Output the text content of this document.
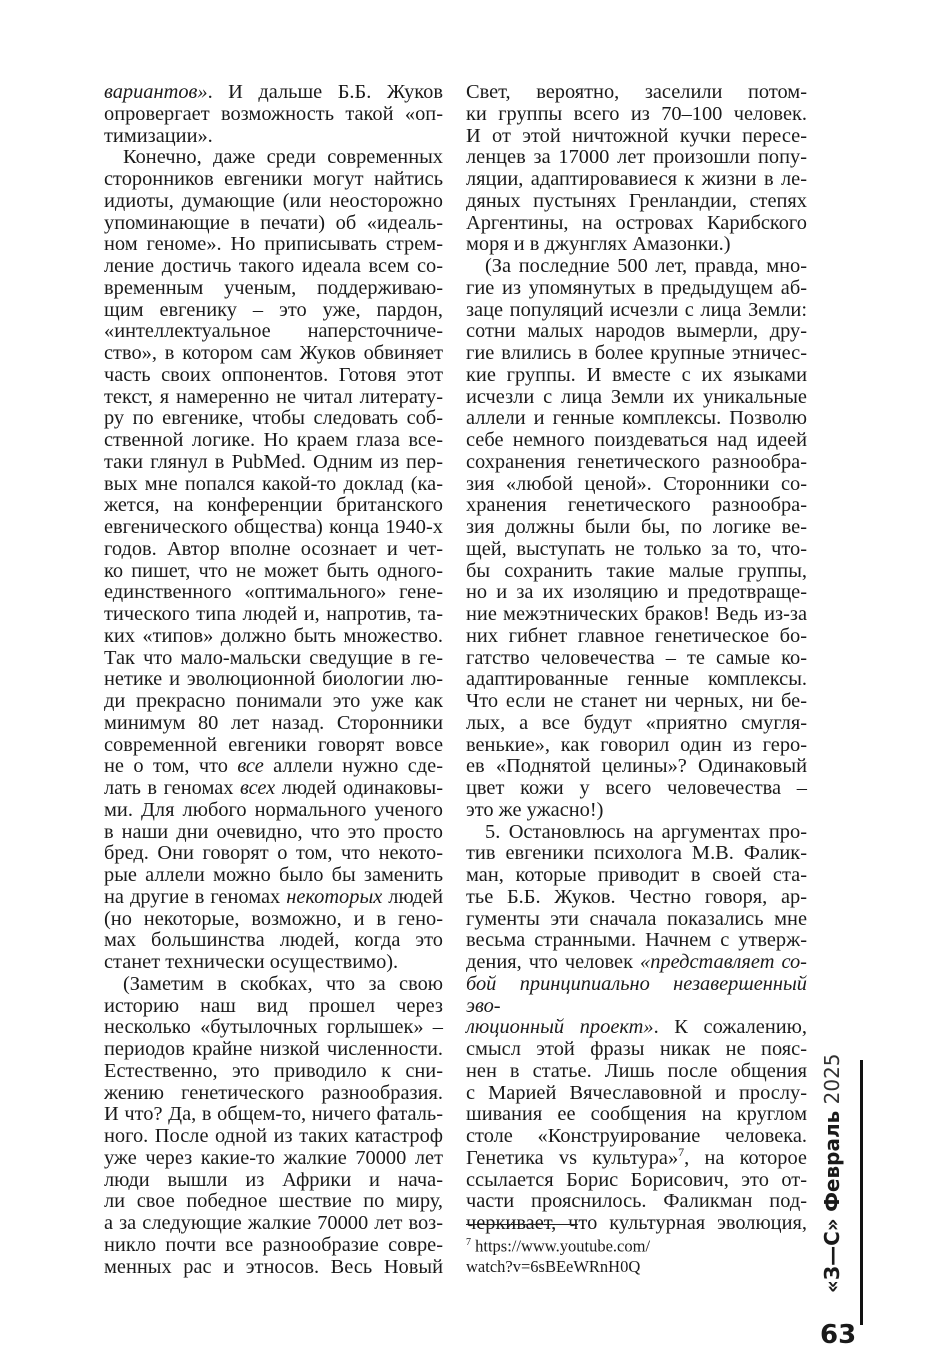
вариантов». И дальше Б.Б. Жуков

опровергает возможность такой «оп-

тимизации».

Конечно, даже среди современных

сторонников евгеники могут найтись

идиоты, думающие (или неосторожно

упоминающие в печати) об «идеаль-

ном геноме». Но приписывать стрем-

ление достичь такого идеала всем со-

временным ученым, поддерживаю-

щим евгенику – это уже, пардон,

«интеллектуальное наперсточниче-

ство», в котором сам Жуков обвиняет

часть своих оппонентов. Готовя этот

текст, я намеренно не читал литерату-

ру по евгенике, чтобы следовать соб-

ственной логике. Но краем глаза все-

таки глянул в PubMed. Одним из пер-

вых мне попался какой-то доклад (ка-

жется, на конференции британского

евгенического общества) конца 1940-х

годов. Автор вполне осознает и чет-

ко пишет, что не может быть одного-

единственного «оптимального» гене-

тического типа людей и, напротив, та-

ких «типов» должно быть множество.

Так что мало-мальски сведущие в ге-

нетике и эволюционной биологии лю-

ди прекрасно понимали это уже как

минимум 80 лет назад. Сторонники

современной евгеники говорят вовсе

не о том, что все аллели нужно сде-

лать в геномах всех людей одинаковы-

ми. Для любого нормального ученого

в наши дни очевидно, что это просто

бред. Они говорят о том, что некото-

рые аллели можно было бы заменить

на другие в геномах некоторых людей

(но некоторые, возможно, и в гено-

мах большинства людей, когда это

станет технически осуществимо).

(Заметим в скобках, что за свою

историю наш вид прошел через

несколько «бутылочных горлышек» –

периодов крайне низкой численности.

Естественно, это приводило к сни-

жению генетического разнообразия.

И что? Да, в общем-то, ничего фаталь-

ного. После одной из таких катастроф

уже через какие-то жалкие 70000 лет

люди вышли из Африки и нача-

ли свое победное шествие по миру,

а за следующие жалкие 70000 лет воз-

никло почти все разнообразие совре-

менных рас и этносов. Весь Новый

Свет, вероятно, заселили потом-

ки группы всего из 70–100 человек.

И от этой ничтожной кучки пересе-

ленцев за 17000 лет произошли попу-

ляции, адаптировавиеся к жизни в ле-

дяных пустынях Гренландии, степях

Аргентины, на островах Карибского

моря и в джунглях Амазонки.)

(За последние 500 лет, правда, мно-

гие из упомянутых в предыдущем аб-

заце популяций исчезли с лица Земли:

сотни малых народов вымерли, дру-

гие влились в более крупные этничес-

кие группы. И вместе с их языками

исчезли с лица Земли их уникальные

аллели и генные комплексы. Позволю

себе немного поиздеваться над идеей

сохранения генетического разнообра-

зия «любой ценой». Сторонники со-

хранения генетического разнообра-

зия должны были бы, по логике ве-

щей, выступать не только за то, что-

бы сохранить такие малые группы,

но и за их изоляцию и предотвраще-

ние межэтнических браков! Ведь из-за

них гибнет главное генетическое бо-

гатство человечества – те самые ко-

адаптированные генные комплексы.

Что если не станет ни черных, ни бе-

лых, а все будут «приятно смугля-

венькие», как говорил один из геро-

ев «Поднятой целины»? Одинаковый

цвет кожи у всего человечества –

это же ужасно!)

5. Остановлюсь на аргументах про-

тив евгеники психолога М.В. Фалик-

ман, которые приводит в своей ста-

тье Б.Б. Жуков. Честно говоря, ар-

гументы эти сначала показались мне

весьма странными. Начнем с утверж-

дения, что человек «представляет со-

бой принципиально незавершенный эво-

люционный проект». К сожалению,

смысл этой фразы никак не пояс-

нен в статье. Лишь после общения

с Марией Вячеславовной и прослу-

шивания ее сообщения на круглом

столе «Конструирование человека.

Генетика vs культура»$^7$, на которое

ссылается Борис Борисович, это от-

части прояснилось. Фаликман под-

черкивает, что культурная эволюция,

$^7$ https://www.youtube.com/
watch?v=6sBEeWRnH0Q	«З—С» Февраль 2025
63
